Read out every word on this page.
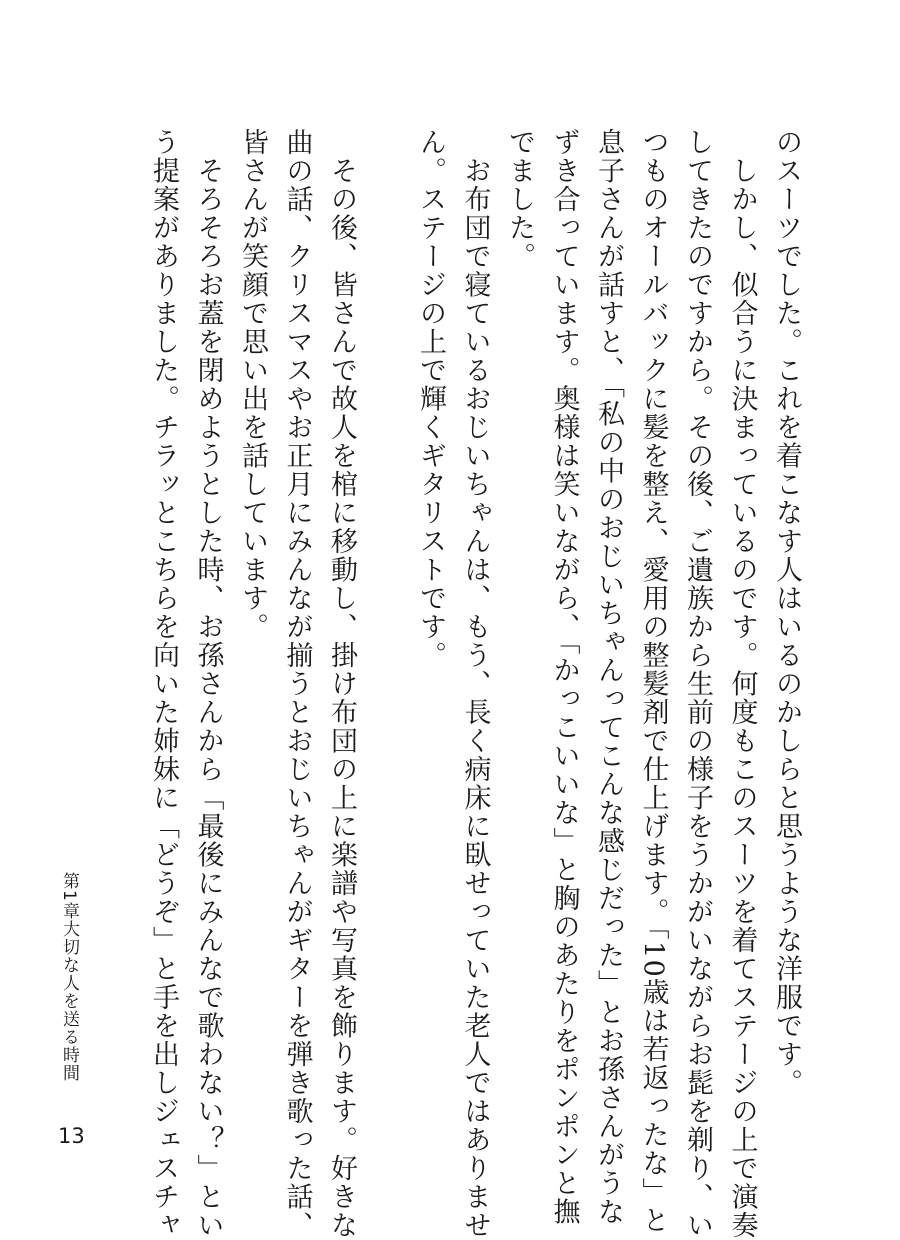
のスーツでした。これを着こなす人はいるのかしらと思うような洋服です。
　しかし、似合うに決まっているのです。何度もこのスーツを着てステージの上で演奏
してきたのですから。その後、ご遺族から生前の様子をうかがいながらお髭を剃り、い
つものオールバックに髪を整え、愛用の整髪剤で仕上げます。「10歳は若返ったな」と
息子さんが話すと、「私の中のおじいちゃんってこんな感じだった」とお孫さんがうな
ずき合っています。奥様は笑いながら、「かっこいいな」と胸のあたりをポンポンと撫
でました。
　お布団で寝ているおじいちゃんは、もう、長く病床に臥せっていた老人ではありませ
ん。ステージの上で輝くギタリストです。

　その後、皆さんで故人を棺に移動し、掛け布団の上に楽譜や写真を飾ります。好きな
曲の話、クリスマスやお正月にみんなが揃うとおじいちゃんがギターを弾き歌った話、
皆さんが笑顔で思い出を話しています。
　そろそろお蓋を閉めようとした時、お孫さんから「最後にみんなで歌わない？」とい
う提案がありました。チラッとこちらを向いた姉妹に「どうぞ」と手を出しジェスチャ
第1章大切な人を送る時間
13
